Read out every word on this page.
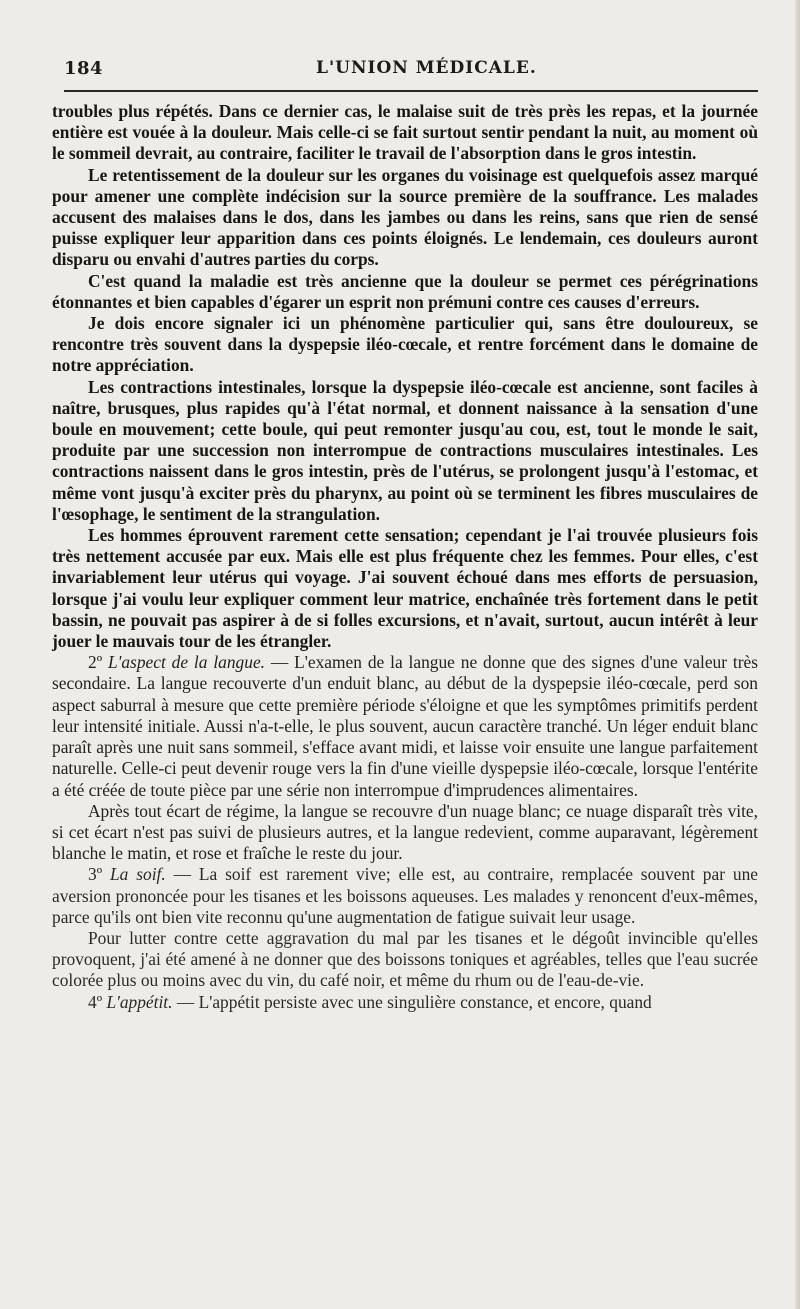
184	L'UNION MÉDICALE.

troubles plus répétés. Dans ce dernier cas, le malaise suit de très près les repas, et la journée entière est vouée à la douleur. Mais celle-ci se fait surtout sentir pendant la nuit, au moment où le sommeil devrait, au contraire, faciliter le travail de l'absorption dans le gros intestin.

Le retentissement de la douleur sur les organes du voisinage est quelquefois assez marqué pour amener une complète indécision sur la source première de la souffrance. Les malades accusent des malaises dans le dos, dans les jambes ou dans les reins, sans que rien de sensé puisse expliquer leur apparition dans ces points éloignés. Le lendemain, ces douleurs auront disparu ou envahi d'autres parties du corps.

C'est quand la maladie est très ancienne que la douleur se permet ces pérégrinations étonnantes et bien capables d'égarer un esprit non prémuni contre ces causes d'erreurs.

Je dois encore signaler ici un phénomène particulier qui, sans être douloureux, se rencontre très souvent dans la dyspepsie iléo-cœcale, et rentre forcément dans le domaine de notre appréciation.

Les contractions intestinales, lorsque la dyspepsie iléo-cœcale est ancienne, sont faciles à naître, brusques, plus rapides qu'à l'état normal, et donnent naissance à la sensation d'une boule en mouvement; cette boule, qui peut remonter jusqu'au cou, est, tout le monde le sait, produite par une succession non interrompue de contractions musculaires intestinales. Les contractions naissent dans le gros intestin, près de l'utérus, se prolongent jusqu'à l'estomac, et même vont jusqu'à exciter près du pharynx, au point où se terminent les fibres musculaires de l'œsophage, le sentiment de la strangulation.

Les hommes éprouvent rarement cette sensation; cependant je l'ai trouvée plusieurs fois très nettement accusée par eux. Mais elle est plus fréquente chez les femmes. Pour elles, c'est invariablement leur utérus qui voyage. J'ai souvent échoué dans mes efforts de persuasion, lorsque j'ai voulu leur expliquer comment leur matrice, enchaînée très fortement dans le petit bassin, ne pouvait pas aspirer à de si folles excursions, et n'avait, surtout, aucun intérêt à leur jouer le mauvais tour de les étrangler.

2º L'aspect de la langue. — L'examen de la langue ne donne que des signes d'une valeur très secondaire. La langue recouverte d'un enduit blanc, au début de la dyspepsie iléo-cœcale, perd son aspect saburral à mesure que cette première période s'éloigne et que les symptômes primitifs perdent leur intensité initiale. Aussi n'a-t-elle, le plus souvent, aucun caractère tranché. Un léger enduit blanc paraît après une nuit sans sommeil, s'efface avant midi, et laisse voir ensuite une langue parfaitement naturelle. Celle-ci peut devenir rouge vers la fin d'une vieille dyspepsie iléo-cœcale, lorsque l'entérite a été créée de toute pièce par une série non interrompue d'imprudences alimentaires.

Après tout écart de régime, la langue se recouvre d'un nuage blanc; ce nuage disparaît très vite, si cet écart n'est pas suivi de plusieurs autres, et la langue redevient, comme auparavant, légèrement blanche le matin, et rose et fraîche le reste du jour.

3º La soif. — La soif est rarement vive; elle est, au contraire, remplacée souvent par une aversion prononcée pour les tisanes et les boissons aqueuses. Les malades y renoncent d'eux-mêmes, parce qu'ils ont bien vite reconnu qu'une augmentation de fatigue suivait leur usage.

Pour lutter contre cette aggravation du mal par les tisanes et le dégoût invincible qu'elles provoquent, j'ai été amené à ne donner que des boissons toniques et agréables, telles que l'eau sucrée colorée plus ou moins avec du vin, du café noir, et même du rhum ou de l'eau-de-vie.

4º L'appétit. — L'appétit persiste avec une singulière constance, et encore, quand
